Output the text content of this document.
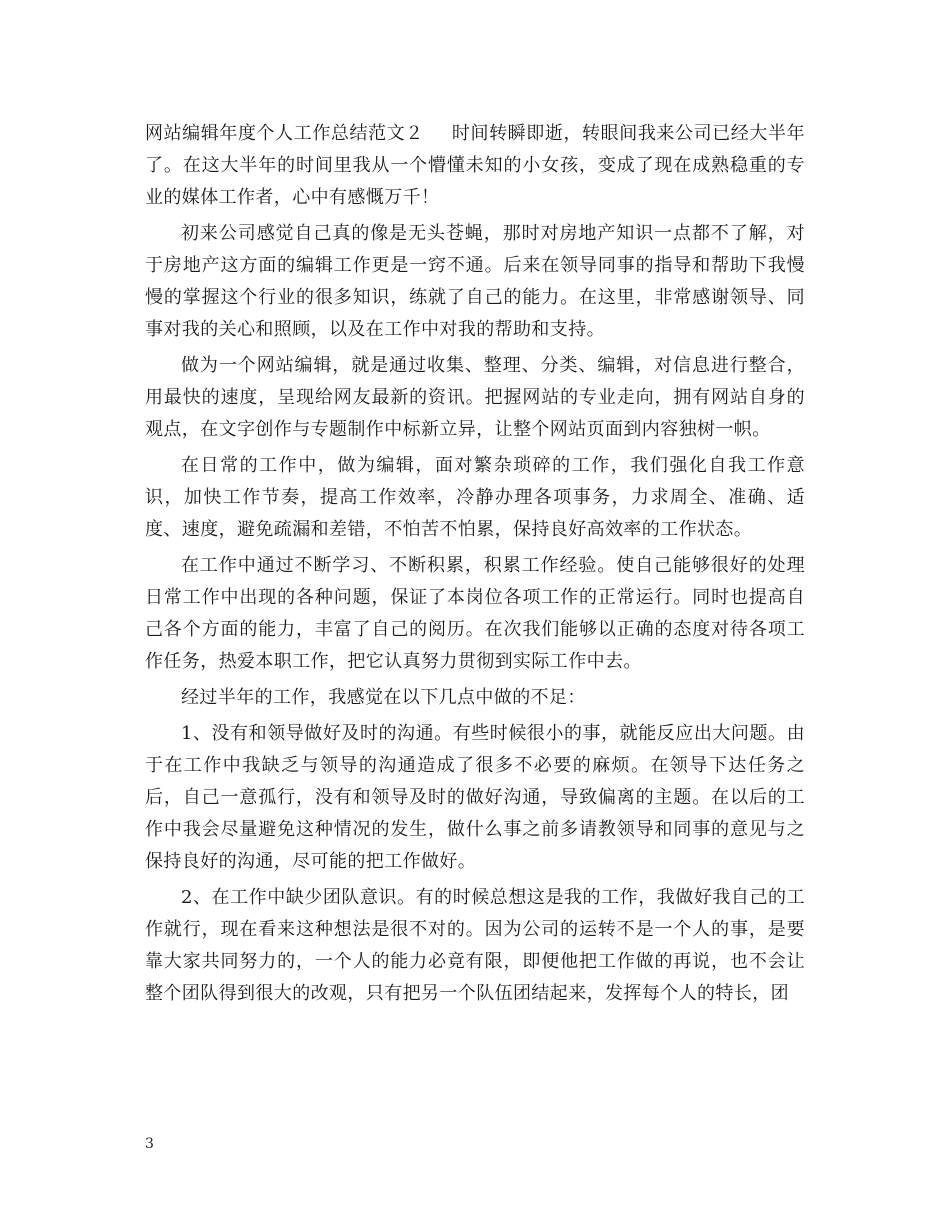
网站编辑年度个人工作总结范文２ 时间转瞬即逝，转眼间我来公司已经大半年了。在这大半年的时间里我从一个懵懂未知的小女孩，变成了现在成熟稳重的专业的媒体工作者，心中有感慨万千！

初来公司感觉自己真的像是无头苍蝇，那时对房地产知识一点都不了解，对于房地产这方面的编辑工作更是一窍不通。后来在领导同事的指导和帮助下我慢慢的掌握这个行业的很多知识，练就了自己的能力。在这里，非常感谢领导、同事对我的关心和照顾，以及在工作中对我的帮助和支持。

做为一个网站编辑，就是通过收集、整理、分类、编辑，对信息进行整合，用最快的速度，呈现给网友最新的资讯。把握网站的专业走向，拥有网站自身的观点，在文字创作与专题制作中标新立异，让整个网站页面到内容独树一帜。

在日常的工作中，做为编辑，面对繁杂琐碎的工作，我们强化自我工作意识，加快工作节奏，提高工作效率，冷静办理各项事务，力求周全、准确、适度、速度，避免疏漏和差错，不怕苦不怕累，保持良好高效率的工作状态。

在工作中通过不断学习、不断积累，积累工作经验。使自己能够很好的处理日常工作中出现的各种问题，保证了本岗位各项工作的正常运行。同时也提高自己各个方面的能力，丰富了自己的阅历。在次我们能够以正确的态度对待各项工作任务，热爱本职工作，把它认真努力贯彻到实际工作中去。

经过半年的工作，我感觉在以下几点中做的不足：

1、没有和领导做好及时的沟通。有些时候很小的事，就能反应出大问题。由于在工作中我缺乏与领导的沟通造成了很多不必要的麻烦。在领导下达任务之后，自己一意孤行，没有和领导及时的做好沟通，导致偏离的主题。在以后的工作中我会尽量避免这种情况的发生，做什么事之前多请教领导和同事的意见与之保持良好的沟通，尽可能的把工作做好。

2、在工作中缺少团队意识。有的时候总想这是我的工作，我做好我自己的工作就行，现在看来这种想法是很不对的。因为公司的运转不是一个人的事，是要靠大家共同努力的，一个人的能力必竟有限，即便他把工作做的再说，也不会让整个团队得到很大的改观，只有把另一个队伍团结起来，发挥每个人的特长，团

3
